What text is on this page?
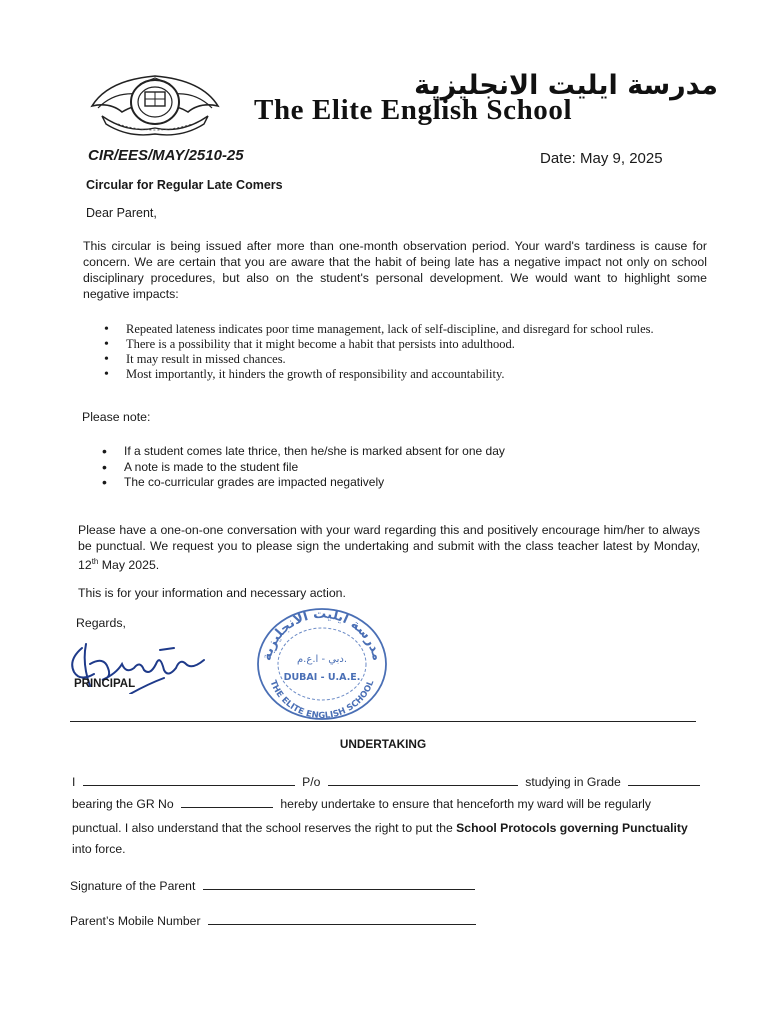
مدرسة ايليت الانجليزية
The Elite English School
CIR/EES/MAY/2510-25	Date: May 9, 2025
Circular for Regular Late Comers
Dear Parent,
This circular is being issued after more than one-month observation period. Your ward's tardiness is cause for concern. We are certain that you are aware that the habit of being late has a negative impact not only on school disciplinary procedures, but also on the student's personal development. We would want to highlight some negative impacts:
• Repeated lateness indicates poor time management, lack of self-discipline, and disregard for school rules.
• There is a possibility that it might become a habit that persists into adulthood.
• It may result in missed chances.
• Most importantly, it hinders the growth of responsibility and accountability.
Please note:
• If a student comes late thrice, then he/she is marked absent for one day
• A note is made to the student file
• The co-curricular grades are impacted negatively
Please have a one-on-one conversation with your ward regarding this and positively encourage him/her to always be punctual. We request you to please sign the undertaking and submit with the class teacher latest by Monday, 12th May 2025.
This is for your information and necessary action.
Regards,
Kiauathai
PRINCIPAL
مدرسة ايليت الانجليزية
دبي - ا.ع.م.
DUBAI - U.A.E.
THE ELITE ENGLISH SCHOOL
UNDERTAKING
I	P/o	studying in Grade
bearing the GR No	hereby undertake to ensure that henceforth my ward will be regularly
punctual. I also understand that the school reserves the right to put the School Protocols governing Punctuality
into force.
Signature of the Parent
Parent’s Mobile Number
